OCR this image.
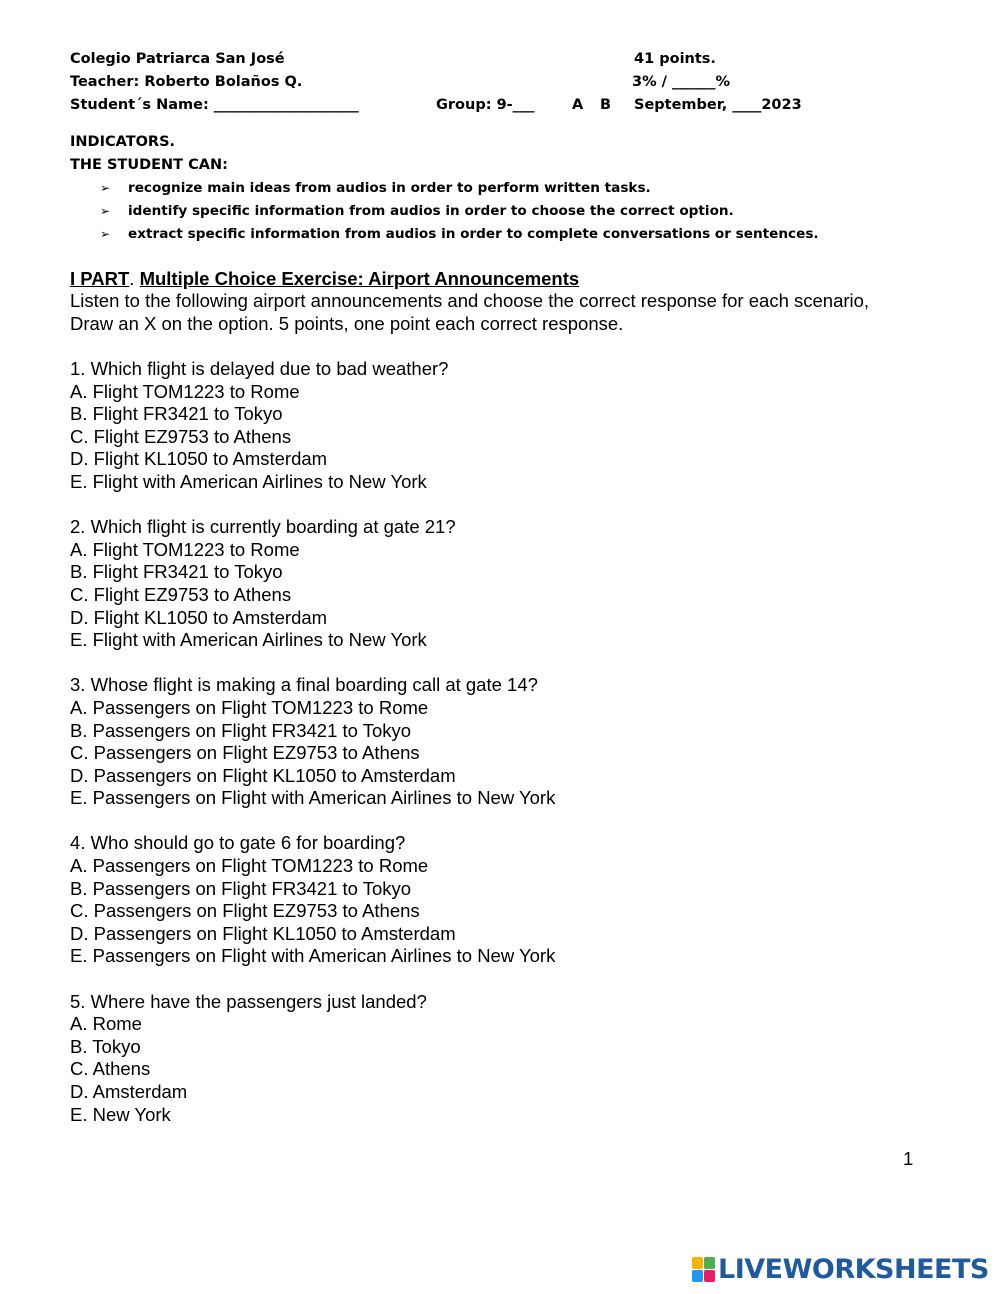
Colegio Patriarca San José
Teacher: Roberto Bolaños Q.
Student´s Name: ____________________	Group: 9-___	A B
41 points.
3% / ______%
September, ____2023
INDICATORS.
THE STUDENT CAN:
➢ recognize main ideas from audios in order to perform written tasks.
➢ identify specific information from audios in order to choose the correct option.
➢ extract specific information from audios in order to complete conversations or sentences.
I PART. Multiple Choice Exercise: Airport Announcements
Listen to the following airport announcements and choose the correct response for each scenario,
Draw an X on the option. 5 points, one point each correct response.
1. Which flight is delayed due to bad weather?
A. Flight TOM1223 to Rome
B. Flight FR3421 to Tokyo
C. Flight EZ9753 to Athens
D. Flight KL1050 to Amsterdam
E. Flight with American Airlines to New York
2. Which flight is currently boarding at gate 21?
A. Flight TOM1223 to Rome
B. Flight FR3421 to Tokyo
C. Flight EZ9753 to Athens
D. Flight KL1050 to Amsterdam
E. Flight with American Airlines to New York
3. Whose flight is making a final boarding call at gate 14?
A. Passengers on Flight TOM1223 to Rome
B. Passengers on Flight FR3421 to Tokyo
C. Passengers on Flight EZ9753 to Athens
D. Passengers on Flight KL1050 to Amsterdam
E. Passengers on Flight with American Airlines to New York
4. Who should go to gate 6 for boarding?
A. Passengers on Flight TOM1223 to Rome
B. Passengers on Flight FR3421 to Tokyo
C. Passengers on Flight EZ9753 to Athens
D. Passengers on Flight KL1050 to Amsterdam
E. Passengers on Flight with American Airlines to New York
5. Where have the passengers just landed?
A. Rome
B. Tokyo
C. Athens
D. Amsterdam
E. New York
1
LIVEWORKSHEETS
